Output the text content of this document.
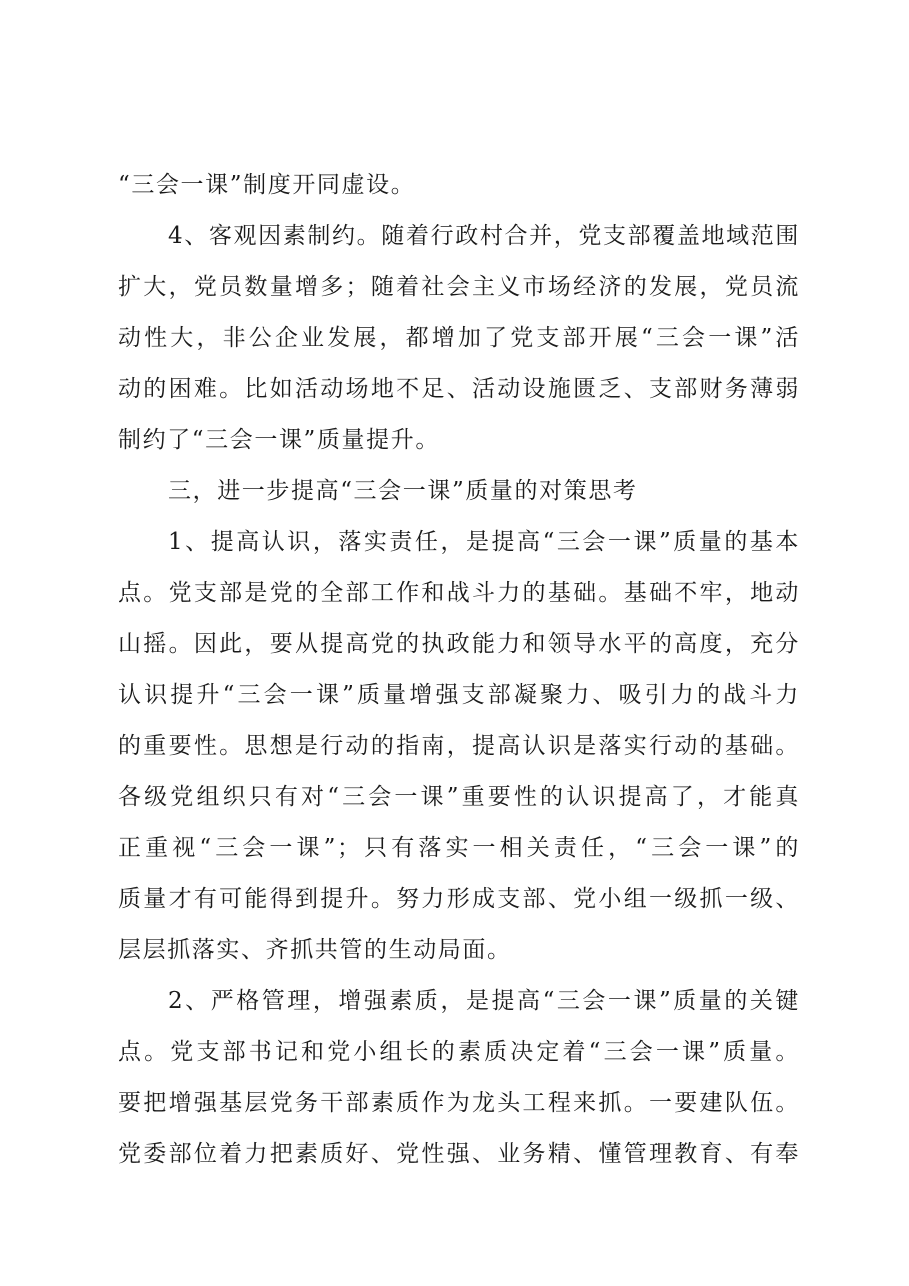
“三会一课”制度开同虚设。
4、客观因素制约。随着行政村合并，党支部覆盖地域范围
扩大，党员数量增多；随着社会主义市场经济的发展，党员流
动性大，非公企业发展，都增加了党支部开展“三会一课”活
动的困难。比如活动场地不足、活动设施匮乏、支部财务薄弱
制约了“三会一课”质量提升。
三，进一步提高“三会一课”质量的对策思考
1、提高认识，落实责任，是提高“三会一课”质量的基本
点。党支部是党的全部工作和战斗力的基础。基础不牢，地动
山摇。因此，要从提高党的执政能力和领导水平的高度，充分
认识提升“三会一课”质量增强支部凝聚力、吸引力的战斗力
的重要性。思想是行动的指南，提高认识是落实行动的基础。
各级党组织只有对“三会一课”重要性的认识提高了，才能真
正重视“三会一课”；只有落实一相关责任，“三会一课”的
质量才有可能得到提升。努力形成支部、党小组一级抓一级、
层层抓落实、齐抓共管的生动局面。
2、严格管理，增强素质，是提高“三会一课”质量的关键
点。党支部书记和党小组长的素质决定着“三会一课”质量。
要把增强基层党务干部素质作为龙头工程来抓。一要建队伍。
党委部位着力把素质好、党性强、业务精、懂管理教育、有奉
